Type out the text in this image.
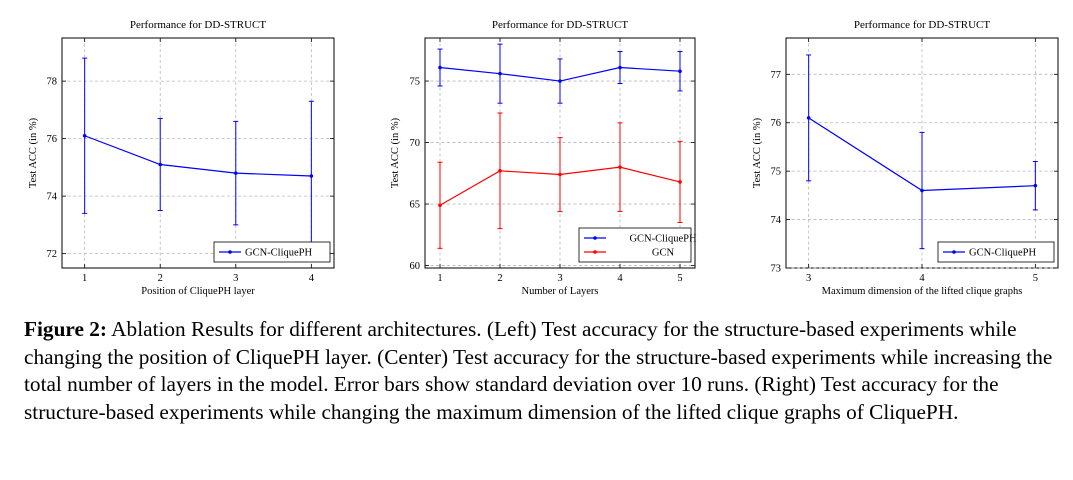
Performance for DD-STRUCT
1	2	3	4
72
74
76
78
GCN-CliquePH
Position of CliquePH layer
Test ACC (in %)
Performance for DD-STRUCT
1	2	3	4	5
60
65
70
75
GCN-CliquePH
GCN
Number of Layers
Test ACC (in %)
Performance for DD-STRUCT
3	4	5
73
74
75
76
77
GCN-CliquePH
Maximum dimension of the lifted clique graphs
Test ACC (in %)
Figure 2: Ablation Results for different architectures. (Left) Test accuracy for the structure-based experiments while changing the position of CliquePH layer. (Center) Test accuracy for the structure-based experiments while increasing the total number of layers in the model. Error bars show standard deviation over 10 runs. (Right) Test accuracy for the structure-based experiments while changing the maximum dimension of the lifted clique graphs of CliquePH.
